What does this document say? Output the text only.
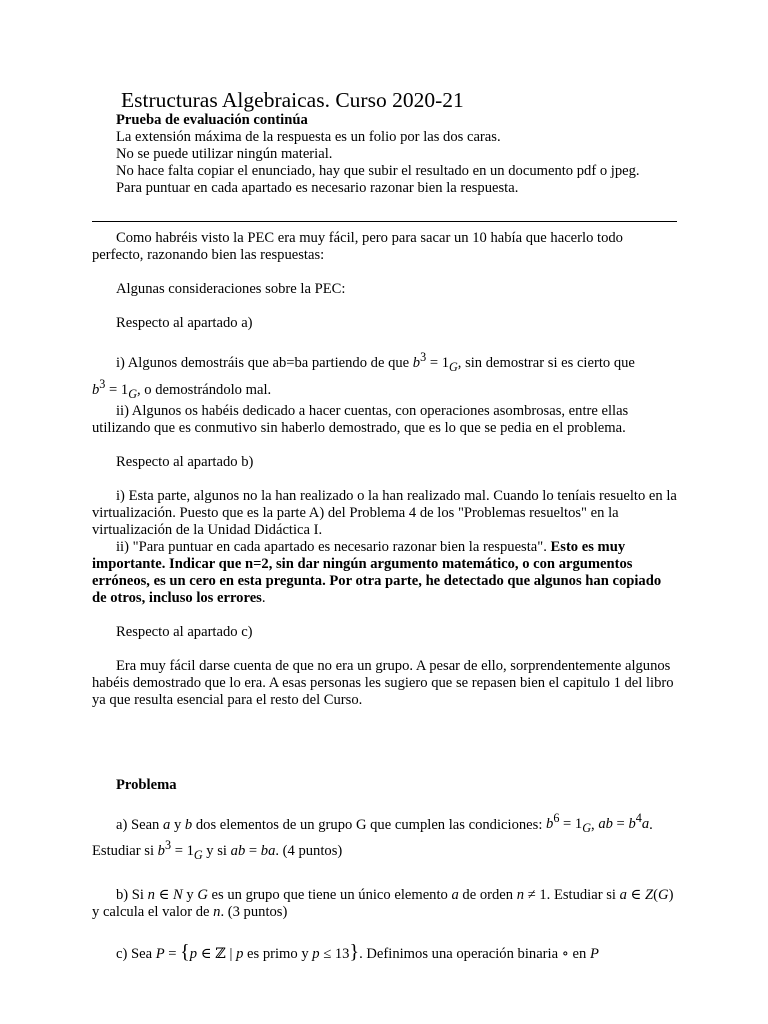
Estructuras Algebraicas. Curso 2020-21

Prueba de evaluación continúa

La extensión máxima de la respuesta es un folio por las dos caras.

No se puede utilizar ningún material.

No hace falta copiar el enunciado, hay que subir el resultado en un documento pdf o jpeg.

Para puntuar en cada apartado es necesario razonar bien la respuesta.

Como habréis visto la PEC era muy fácil, pero para sacar un 10 había que hacerlo todo perfecto, razonando bien las respuestas:

Algunas consideraciones sobre la PEC:

Respecto al apartado a)

i) Algunos demostráis que ab=ba partiendo de que $b^3 = 1_G$, sin demostrar si es cierto que $b^3 = 1_G$, o demostrándolo mal.

ii) Algunos os habéis dedicado a hacer cuentas, con operaciones asombrosas, entre ellas utilizando que es conmutivo sin haberlo demostrado, que es lo que se pedia en el problema.

Respecto al apartado b)

i) Esta parte, algunos no la han realizado o la han realizado mal. Cuando lo teníais resuelto en la virtualización. Puesto que es la parte A) del Problema 4 de los "Problemas resueltos" en la virtualización de la Unidad Didáctica I.

ii) "Para puntuar en cada apartado es necesario razonar bien la respuesta". Esto es muy importante. Indicar que n=2, sin dar ningún argumento matemático, o con argumentos erróneos, es un cero en esta pregunta. Por otra parte, he detectado que algunos han copiado de otros, incluso los errores.

Respecto al apartado c)

Era muy fácil darse cuenta de que no era un grupo. A pesar de ello, sorprendentemente algunos habéis demostrado que lo era. A esas personas les sugiero que se repasen bien el capitulo 1 del libro ya que resulta esencial para el resto del Curso.

Problema

a) Sean a y b dos elementos de un grupo G que cumplen las condiciones: $b^6 = 1_G$, ab = $b^4a$. Estudiar si $b^3 = 1_G$ y si ab = ba. (4 puntos)

b) Si n ∈ N y G es un grupo que tiene un único elemento a de orden n ≠ 1. Estudiar si a ∈ Z(G) y calcula el valor de n. (3 puntos)

c) Sea P = {p ∈ ℤ | p es primo y p ≤ 13}. Definimos una operación binaria ∘ en P
